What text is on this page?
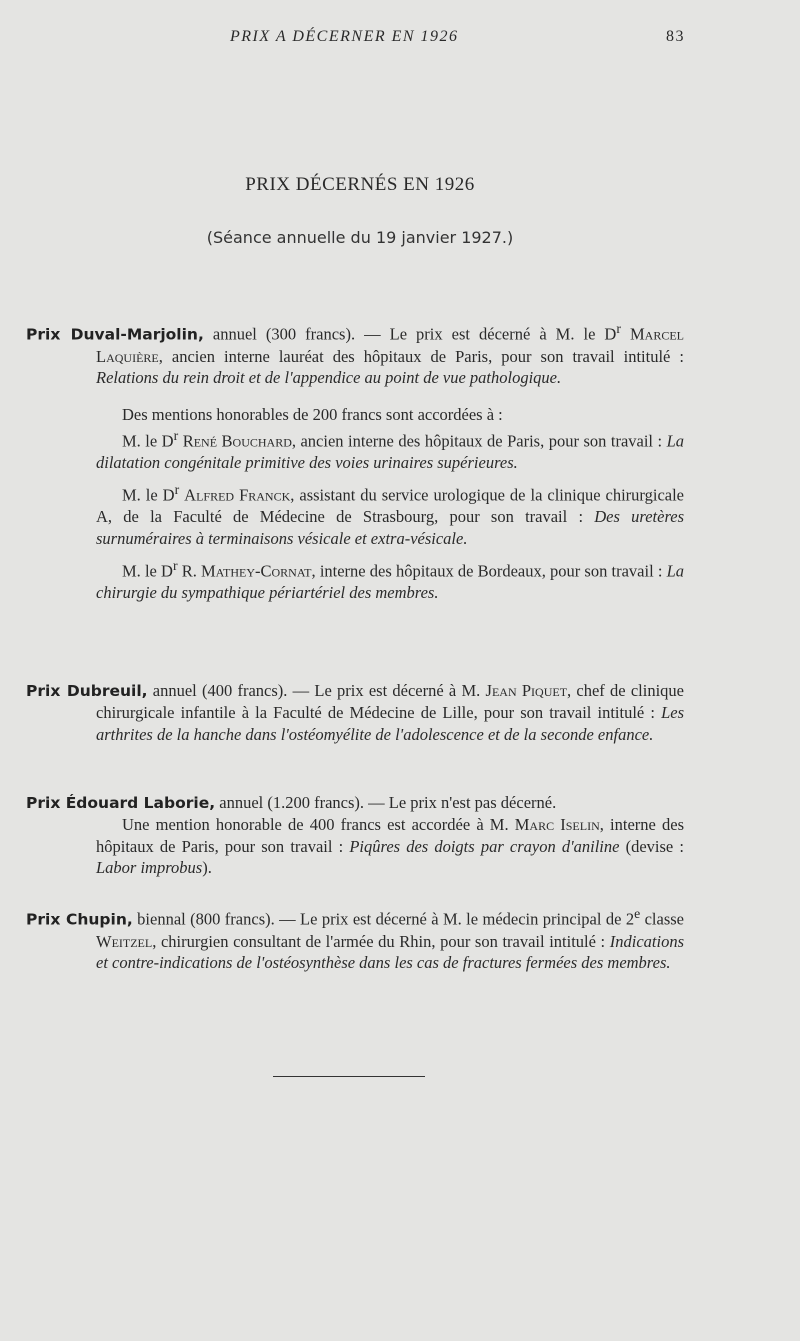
PRIX A DÉCERNER EN 1926	83
PRIX DÉCERNÉS EN 1926
(Séance annuelle du 19 janvier 1927.)

Prix Duval-Marjolin, annuel (300 francs). — Le prix est décerné à M. le $D^r$ Marcel Laquière, ancien interne lauréat des hôpitaux de Paris, pour son travail intitulé : Relations du rein droit et de l'appendice au point de vue pathologique.

Des mentions honorables de 200 francs sont accordées à :
M. le $D^r$ René Bouchard, ancien interne des hôpitaux de Paris, pour son travail : La dilatation congénitale primitive des voies urinaires supérieures.
M. le $D^r$ Alfred Franck, assistant du service urologique de la clinique chirurgicale A, de la Faculté de Médecine de Strasbourg, pour son travail : Des uretères surnuméraires à terminaisons vésicale et extra-vésicale.
M. le $D^r$ R. Mathey-Cornat, interne des hôpitaux de Bordeaux, pour son travail : La chirurgie du sympathique périartériel des membres.

Prix Dubreuil, annuel (400 francs). — Le prix est décerné à M. Jean Piquet, chef de clinique chirurgicale infantile à la Faculté de Médecine de Lille, pour son travail intitulé : Les arthrites de la hanche dans l'ostéomyélite de l'adolescence et de la seconde enfance.

Prix Édouard Laborie, annuel (1.200 francs). — Le prix n'est pas décerné.

Une mention honorable de 400 francs est accordée à M. Marc Iselin, interne des hôpitaux de Paris, pour son travail : Piqûres des doigts par crayon d'aniline (devise : Labor improbus).

Prix Chupin, biennal (800 francs). — Le prix est décerné à M. le médecin principal de 2e classe Weitzel, chirurgien consultant de l'armée du Rhin, pour son travail intitulé : Indications et contre-indications de l'ostéosynthèse dans les cas de fractures fermées des membres.
